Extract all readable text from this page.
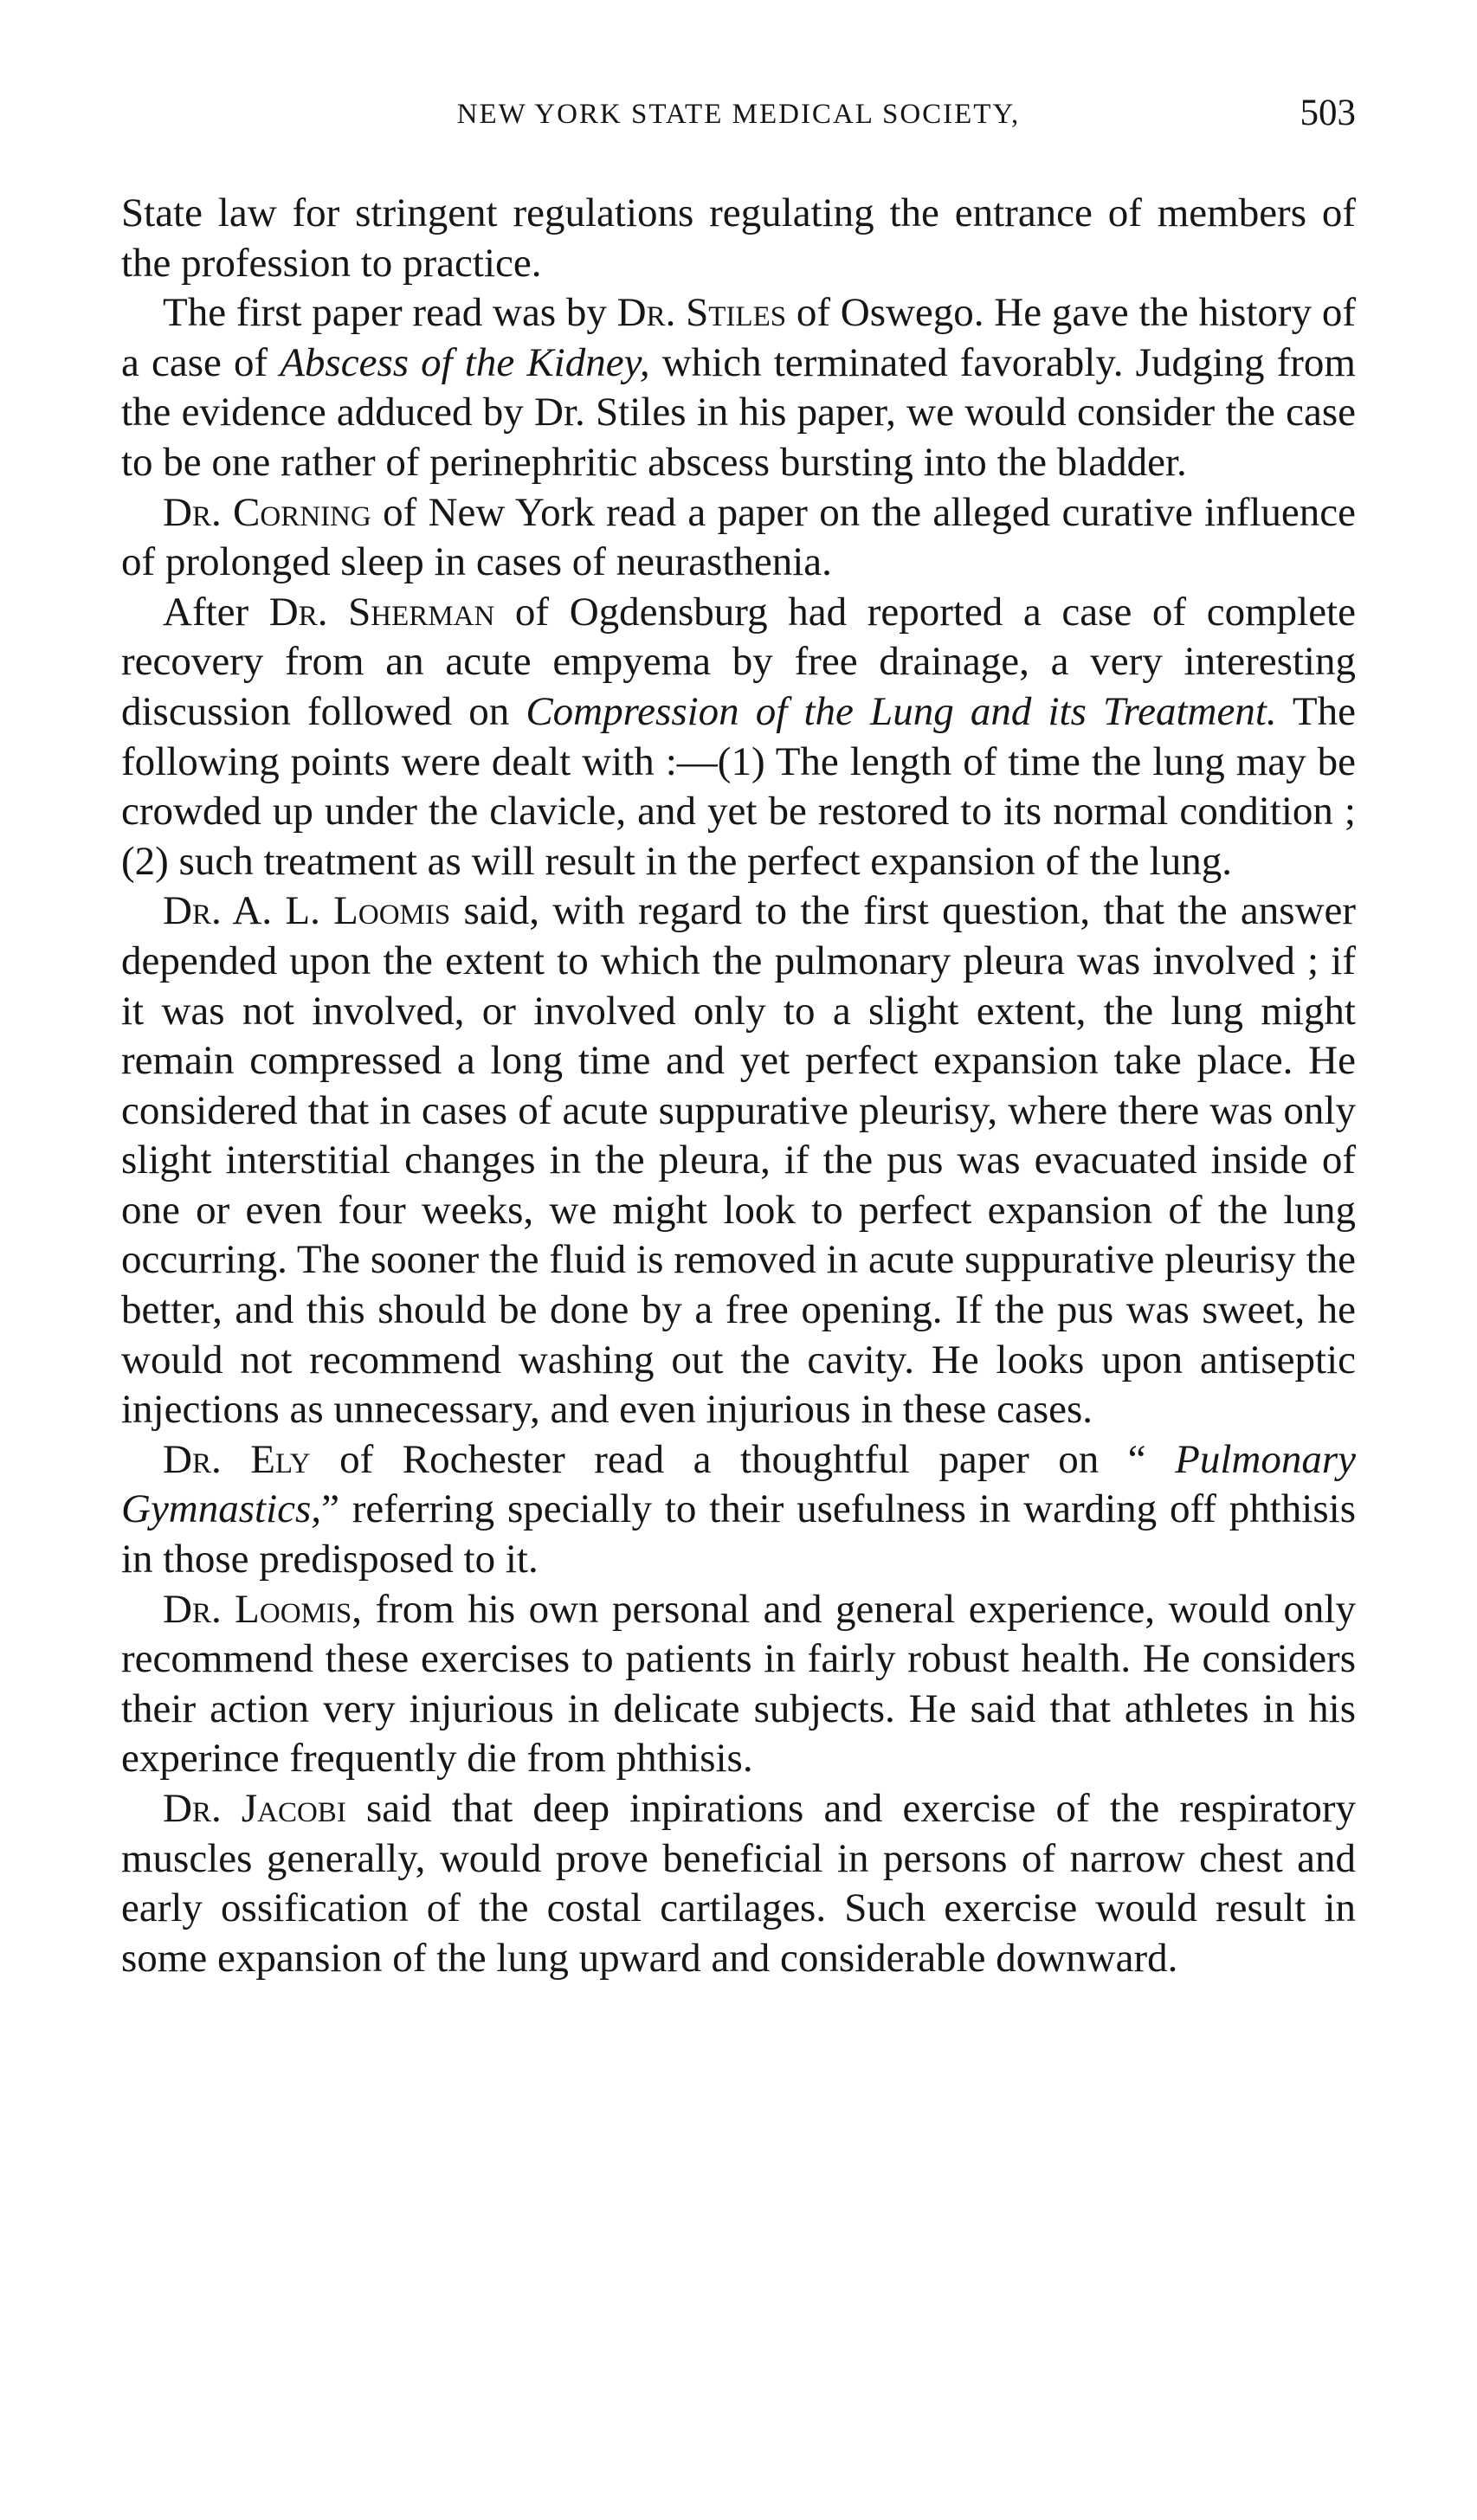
NEW YORK STATE MEDICAL SOCIETY,	503

State law for stringent regulations regulating the entrance of members of the profession to practice.

The first paper read was by Dr. Stiles of Oswego. He gave the history of a case of Abscess of the Kidney, which terminated favorably. Judging from the evidence adduced by Dr. Stiles in his paper, we would consider the case to be one rather of perinephritic abscess bursting into the bladder.

Dr. Corning of New York read a paper on the alleged curative influence of prolonged sleep in cases of neurasthenia.

After Dr. Sherman of Ogdensburg had reported a case of complete recovery from an acute empyema by free drainage, a very interesting discussion followed on Compression of the Lung and its Treatment. The following points were dealt with :—(1) The length of time the lung may be crowded up under the clavicle, and yet be restored to its normal condition ; (2) such treatment as will result in the perfect expansion of the lung.

Dr. A. L. Loomis said, with regard to the first question, that the answer depended upon the extent to which the pulmonary pleura was involved ; if it was not involved, or involved only to a slight extent, the lung might remain compressed a long time and yet perfect expansion take place. He considered that in cases of acute suppurative pleurisy, where there was only slight interstitial changes in the pleura, if the pus was evacuated inside of one or even four weeks, we might look to perfect expansion of the lung occurring. The sooner the fluid is removed in acute suppurative pleurisy the better, and this should be done by a free opening. If the pus was sweet, he would not recommend washing out the cavity. He looks upon antiseptic injections as unnecessary, and even injurious in these cases.

Dr. Ely of Rochester read a thoughtful paper on “ Pulmonary Gymnastics,” referring specially to their usefulness in warding off phthisis in those predisposed to it.

Dr. Loomis, from his own personal and general experience, would only recommend these exercises to patients in fairly robust health. He considers their action very injurious in delicate subjects. He said that athletes in his experince frequently die from phthisis.

Dr. Jacobi said that deep inpirations and exercise of the respiratory muscles generally, would prove beneficial in persons of narrow chest and early ossification of the costal cartilages. Such exercise would result in some expansion of the lung upward and considerable downward.
